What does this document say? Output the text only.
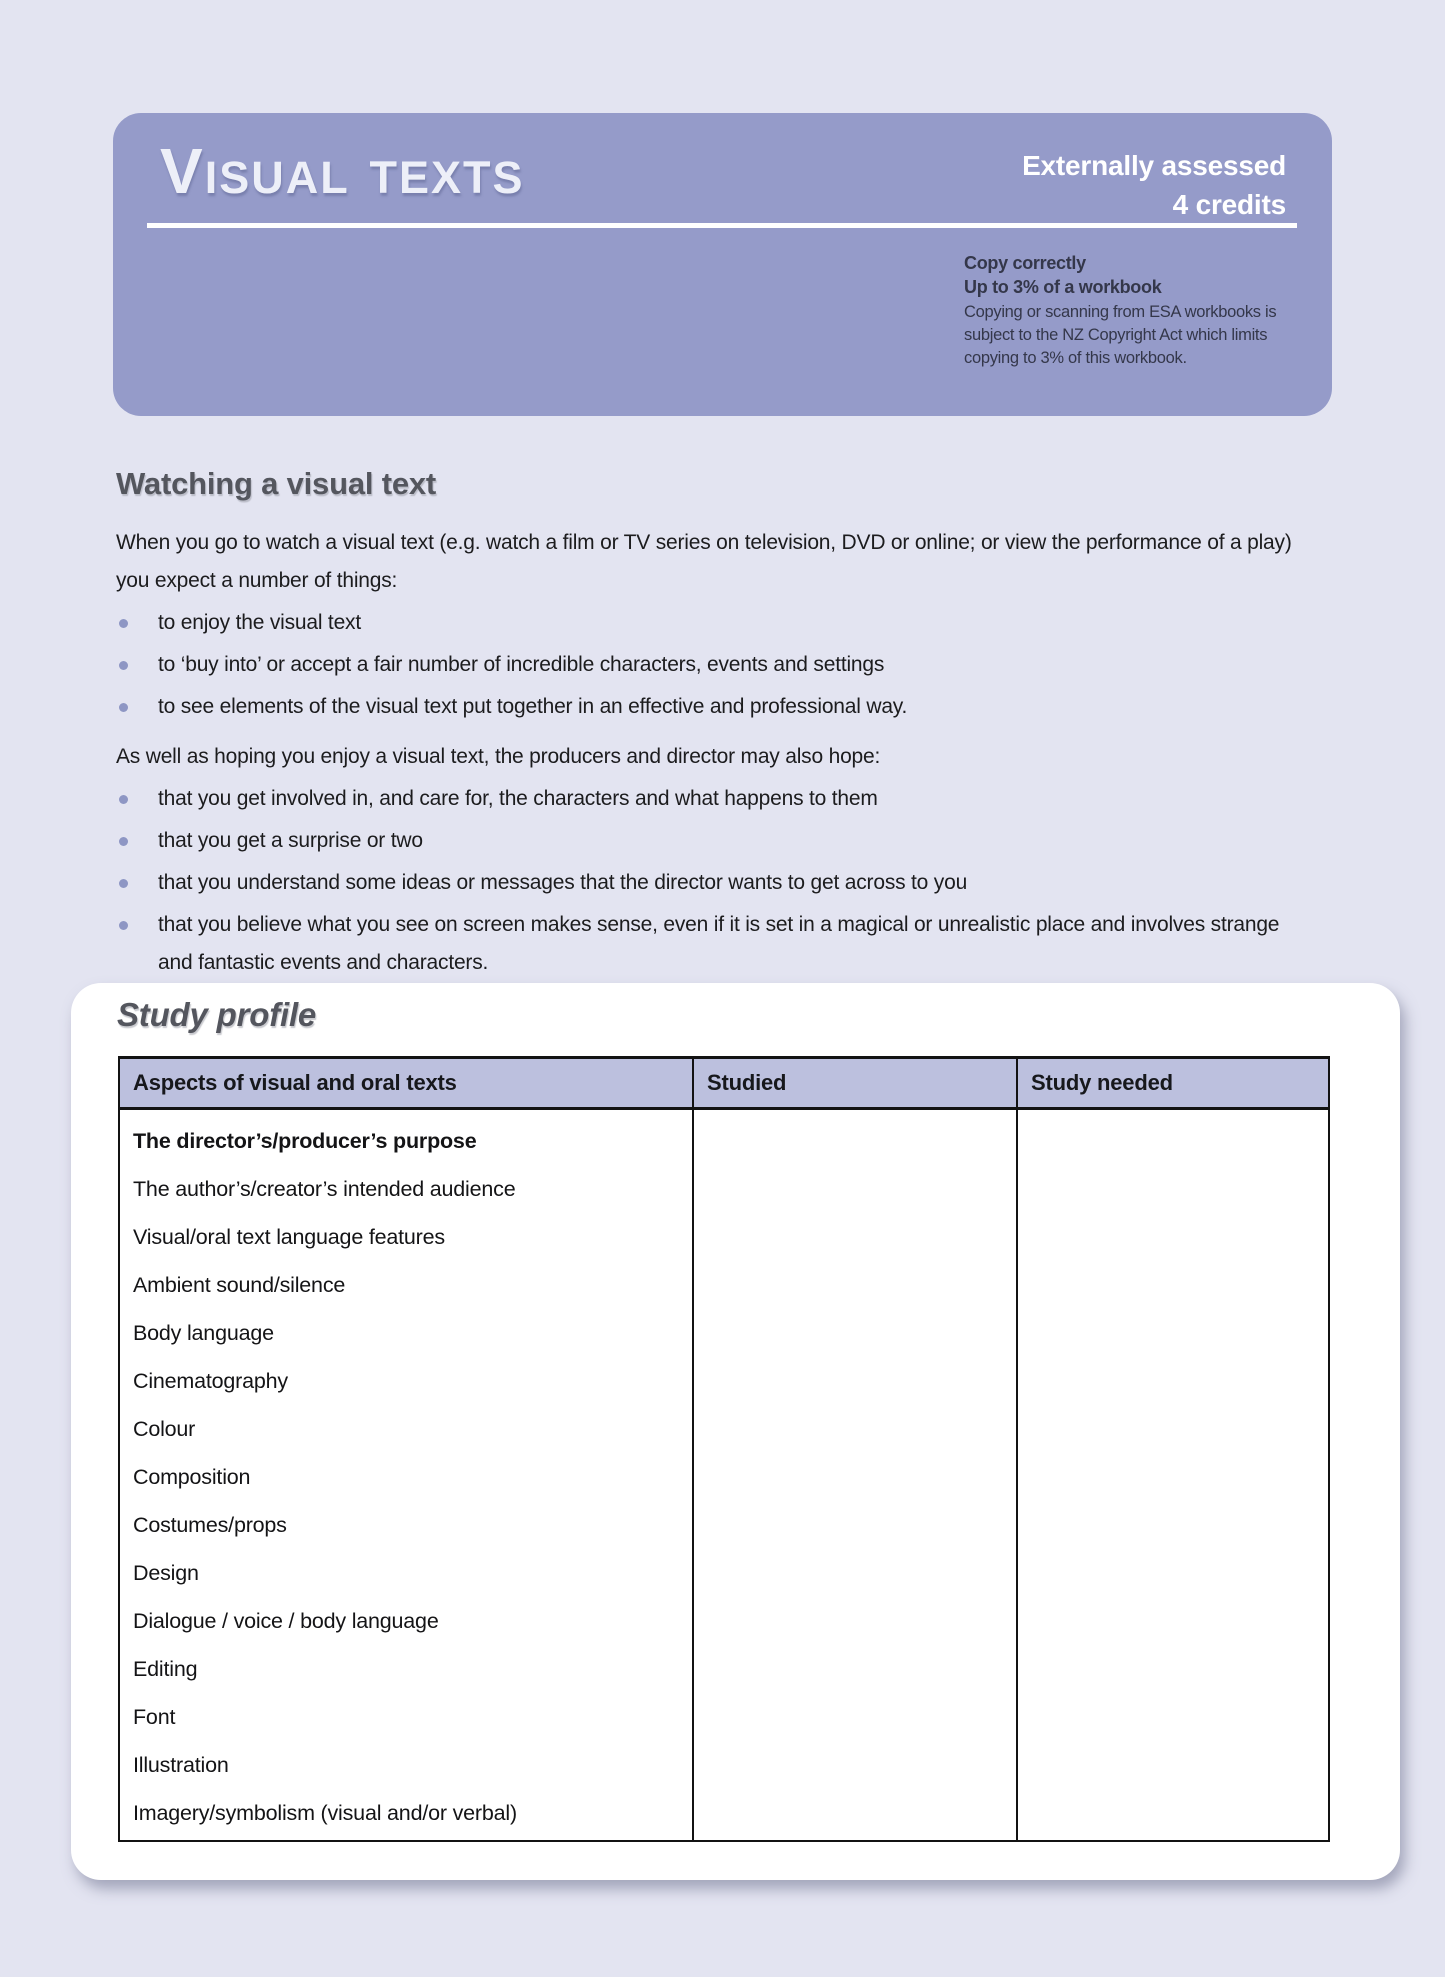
Visual texts	Externally assessed
4 credits
Copy correctly
Up to 3% of a workbook
Copying or scanning from ESA workbooks is subject to the NZ Copyright Act which limits copying to 3% of this workbook.
Watching a visual text

When you go to watch a visual text (e.g. watch a film or TV series on television, DVD or online; or view the performance of a play) you expect a number of things:

to enjoy the visual text
to ‘buy into’ or accept a fair number of incredible characters, events and settings
to see elements of the visual text put together in an effective and professional way.

As well as hoping you enjoy a visual text, the producers and director may also hope:

that you get involved in, and care for, the characters and what happens to them
that you get a surprise or two
that you understand some ideas or messages that the director wants to get across to you
that you believe what you see on screen makes sense, even if it is set in a magical or unrealistic place and involves strange and fantastic events and characters.
Study profile
Aspects of visual and oral texts	Studied	Study needed
The director’s/producer’s purpose
The author’s/creator’s intended audience
Visual/oral text language features
Ambient sound/silence
Body language
Cinematography
Colour
Composition
Costumes/props
Design
Dialogue / voice / body language
Editing
Font
Illustration
Imagery/symbolism (visual and/or verbal)
